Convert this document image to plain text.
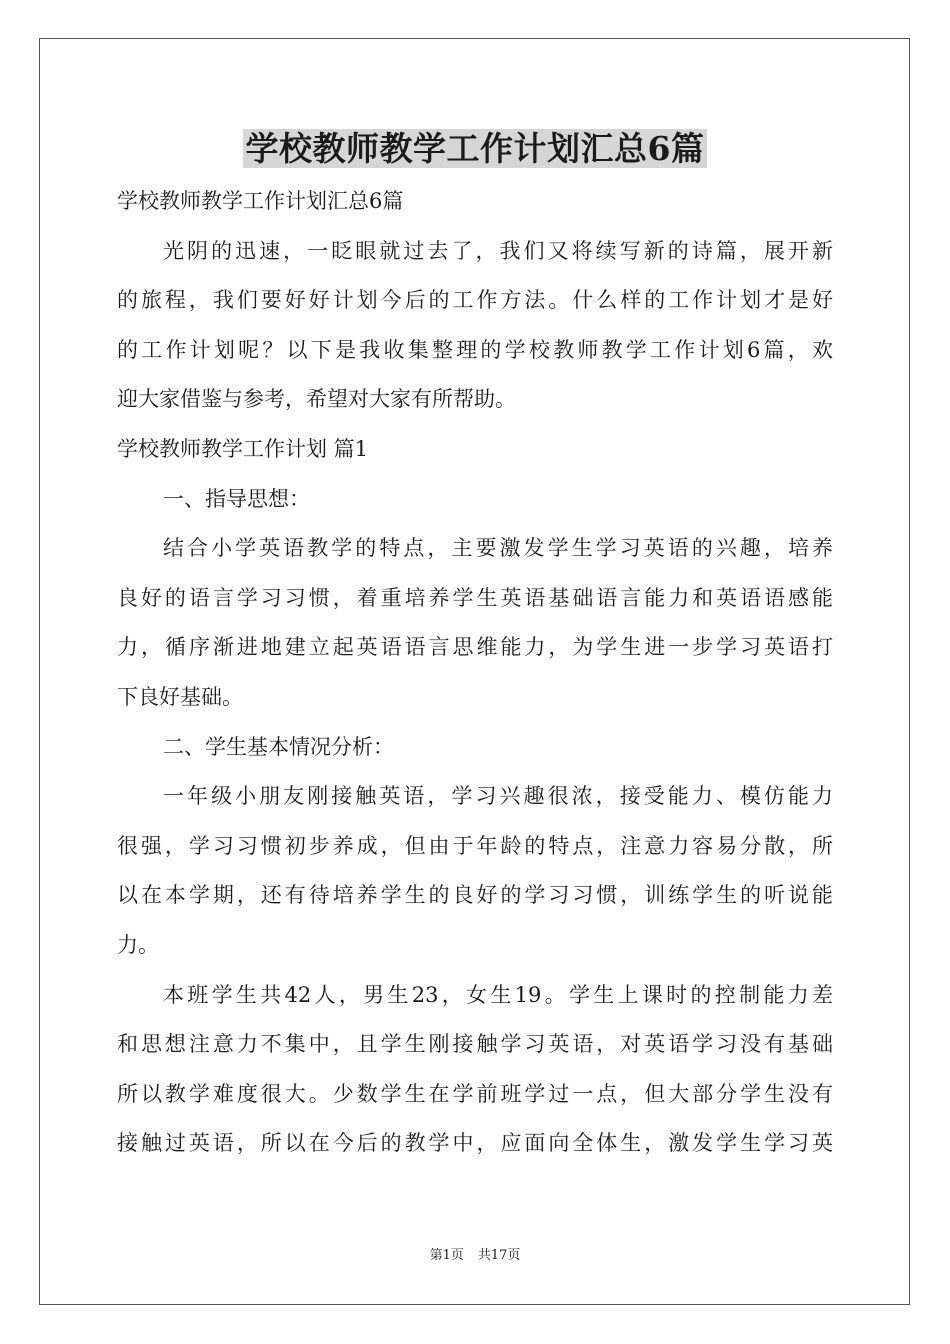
学校教师教学工作计划汇总6篇

学校教师教学工作计划汇总6篇

光阴的迅速，一眨眼就过去了，我们又将续写新的诗篇，展开新

的旅程，我们要好好计划今后的工作方法。什么样的工作计划才是好

的工作计划呢？以下是我收集整理的学校教师教学工作计划6篇，欢

迎大家借鉴与参考，希望对大家有所帮助。

学校教师教学工作计划 篇1

一、指导思想：

结合小学英语教学的特点，主要激发学生学习英语的兴趣，培养

良好的语言学习习惯，着重培养学生英语基础语言能力和英语语感能

力，循序渐进地建立起英语语言思维能力，为学生进一步学习英语打

下良好基础。

二、学生基本情况分析：

一年级小朋友刚接触英语，学习兴趣很浓，接受能力、模仿能力

很强，学习习惯初步养成，但由于年龄的特点，注意力容易分散，所

以在本学期，还有待培养学生的良好的学习习惯，训练学生的听说能

力。

本班学生共42人，男生23，女生19。学生上课时的控制能力差

和思想注意力不集中，且学生刚接触学习英语，对英语学习没有基础

所以教学难度很大。少数学生在学前班学过一点，但大部分学生没有

接触过英语，所以在今后的教学中，应面向全体生，激发学生学习英

第1页 共17页
